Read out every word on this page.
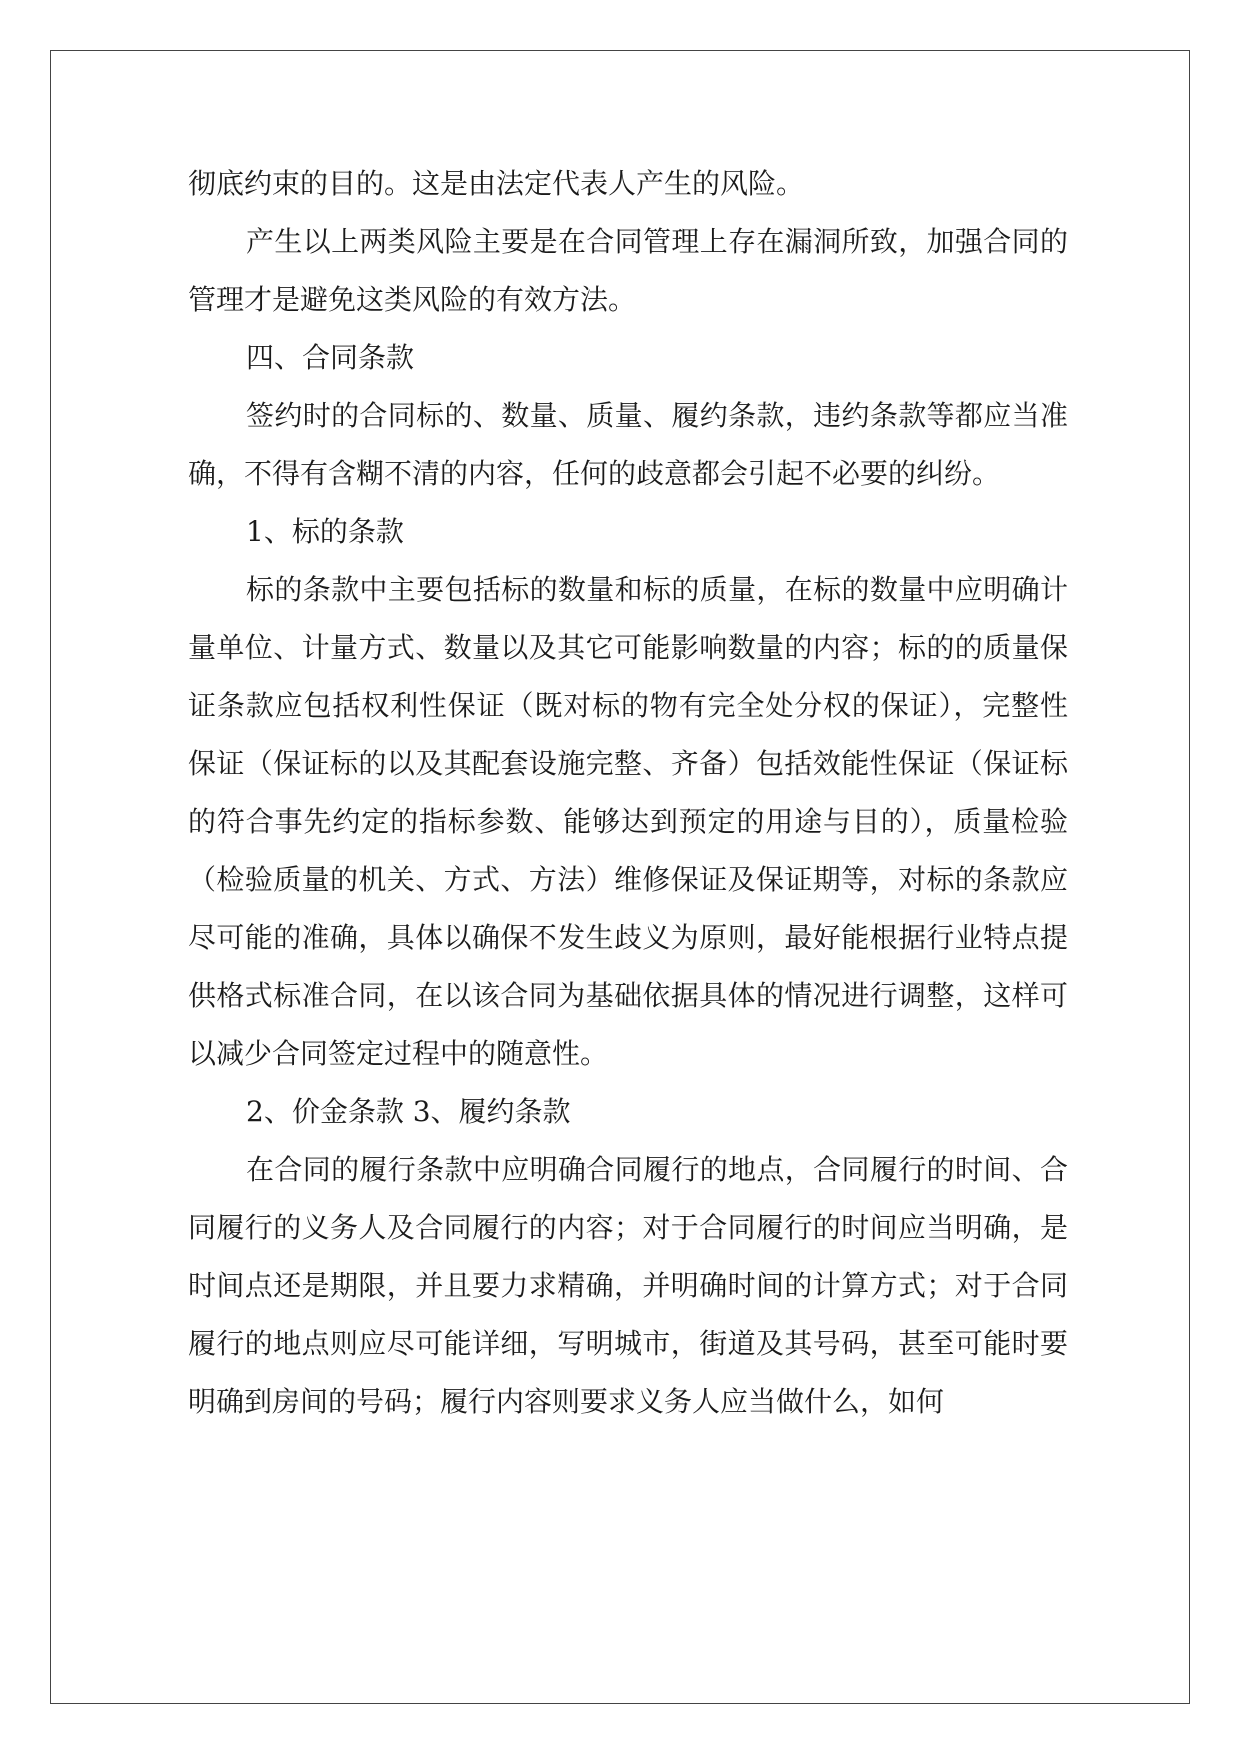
彻底约束的目的。这是由法定代表人产生的风险。

产生以上两类风险主要是在合同管理上存在漏洞所致，加强合同的管理才是避免这类风险的有效方法。

四、合同条款

签约时的合同标的、数量、质量、履约条款，违约条款等都应当准确，不得有含糊不清的内容，任何的歧意都会引起不必要的纠纷。

1、标的条款

标的条款中主要包括标的数量和标的质量，在标的数量中应明确计量单位、计量方式、数量以及其它可能影响数量的内容；标的的质量保证条款应包括权利性保证（既对标的物有完全处分权的保证），完整性保证（保证标的以及其配套设施完整、齐备）包括效能性保证（保证标的符合事先约定的指标参数、能够达到预定的用途与目的），质量检验（检验质量的机关、方式、方法）维修保证及保证期等，对标的条款应尽可能的准确，具体以确保不发生歧义为原则，最好能根据行业特点提供格式标准合同，在以该合同为基础依据具体的情况进行调整，这样可以减少合同签定过程中的随意性。

2、价金条款 3、履约条款

在合同的履行条款中应明确合同履行的地点，合同履行的时间、合同履行的义务人及合同履行的内容；对于合同履行的时间应当明确，是时间点还是期限，并且要力求精确，并明确时间的计算方式；对于合同履行的地点则应尽可能详细，写明城市，街道及其号码，甚至可能时要明确到房间的号码；履行内容则要求义务人应当做什么，如何
